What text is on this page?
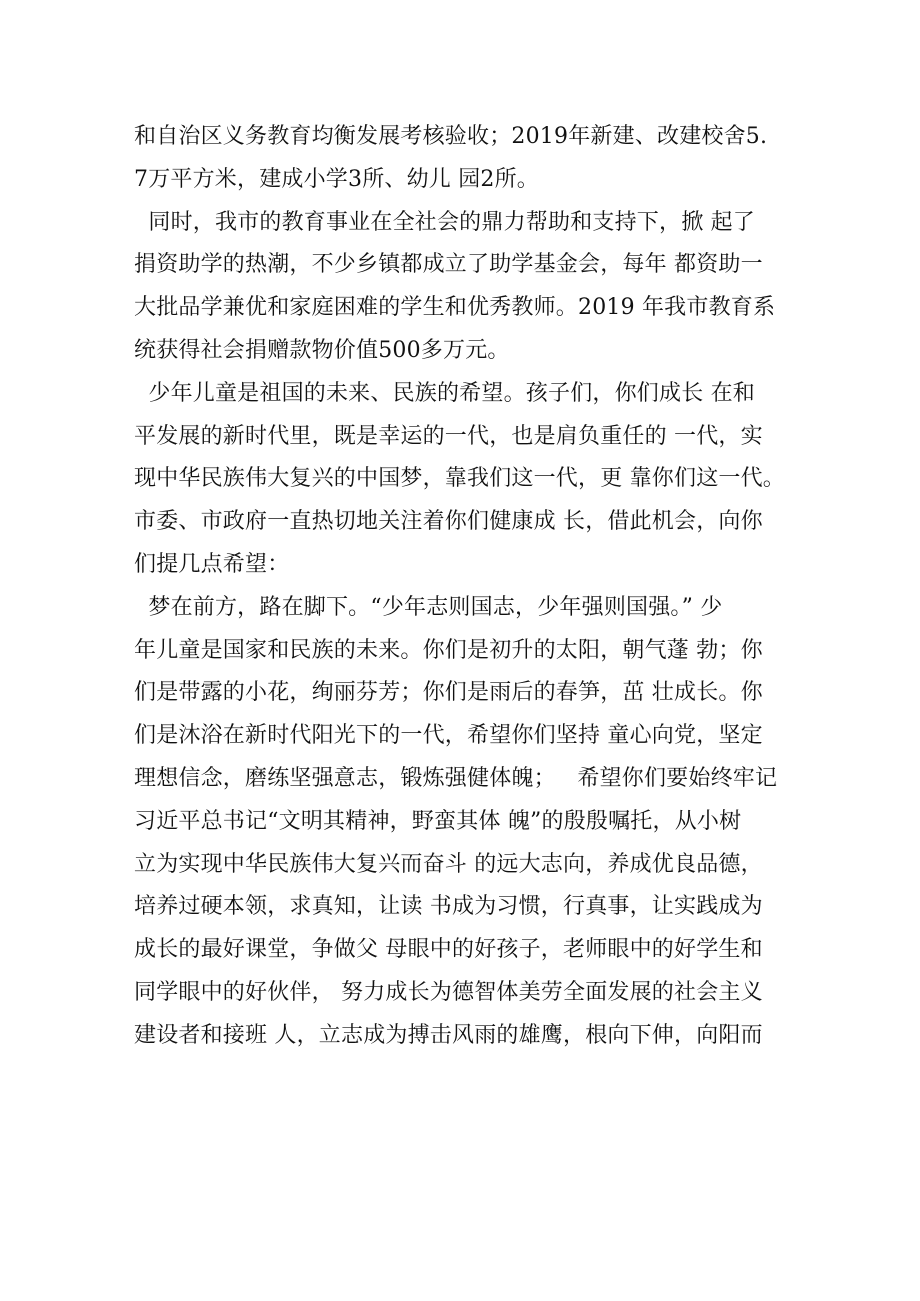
和自治区义务教育均衡发展考核验收；2019年新建、改建校舍5.
7万平方米，建成小学3所、幼儿 园2所。
同时，我市的教育事业在全社会的鼎力帮助和支持下，掀 起了
捐资助学的热潮，不少乡镇都成立了助学基金会，每年 都资助一
大批品学兼优和家庭困难的学生和优秀教师。2019 年我市教育系
统获得社会捐赠款物价值500多万元。
少年儿童是祖国的未来、民族的希望。孩子们，你们成长 在和
平发展的新时代里，既是幸运的一代，也是肩负重任的 一代，实
现中华民族伟大复兴的中国梦，靠我们这一代，更 靠你们这一代。
市委、市政府一直热切地关注着你们健康成 长，借此机会，向你
们提几点希望：
梦在前方，路在脚下。“少年志则国志，少年强则国强。” 少
年儿童是国家和民族的未来。你们是初升的太阳，朝气蓬 勃；你
们是带露的小花，绚丽芬芳；你们是雨后的春笋，茁 壮成长。你
们是沐浴在新时代阳光下的一代，希望你们坚持 童心向党，坚定
理想信念，磨练坚强意志，锻炼强健体魄；   希望你们要始终牢记
习近平总书记“文明其精神，野蛮其体 魄”的殷殷嘱托，从小树
立为实现中华民族伟大复兴而奋斗 的远大志向，养成优良品德，
培养过硬本领，求真知，让读 书成为习惯，行真事，让实践成为
成长的最好课堂，争做父 母眼中的好孩子，老师眼中的好学生和
同学眼中的好伙伴， 努力成长为德智体美劳全面发展的社会主义
建设者和接班 人，立志成为搏击风雨的雄鹰，根向下伸，向阳而
